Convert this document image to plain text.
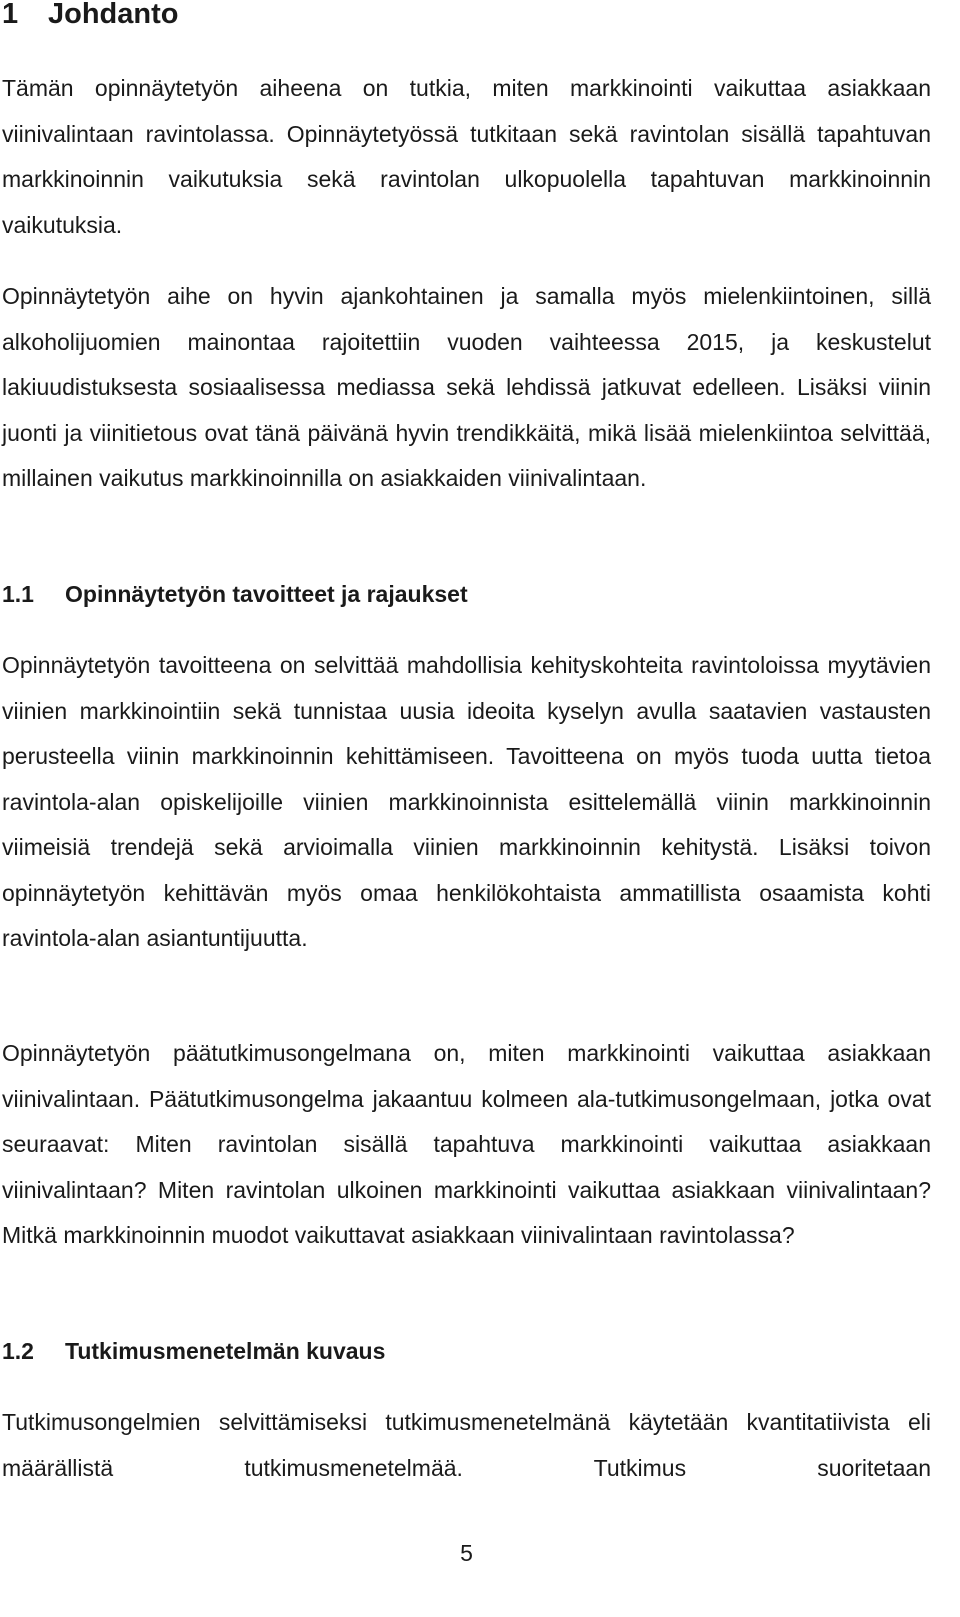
1 Johdanto

Tämän opinnäytetyön aiheena on tutkia, miten markkinointi vaikuttaa asiakkaan viinivalintaan ravintolassa. Opinnäytetyössä tutkitaan sekä ravintolan sisällä tapahtuvan markkinoinnin vaikutuksia sekä ravintolan ulkopuolella tapahtuvan markkinoinnin vaikutuksia.

Opinnäytetyön aihe on hyvin ajankohtainen ja samalla myös mielenkiintoinen, sillä alkoholijuomien mainontaa rajoitettiin vuoden vaihteessa 2015, ja keskustelut lakiuudistuksesta sosiaalisessa mediassa sekä lehdissä jatkuvat edelleen. Lisäksi viinin juonti ja viinitietous ovat tänä päivänä hyvin trendikkäitä, mikä lisää mielenkiintoa selvittää, millainen vaikutus markkinoinnilla on asiakkaiden viinivalintaan.

1.1 Opinnäytetyön tavoitteet ja rajaukset

Opinnäytetyön tavoitteena on selvittää mahdollisia kehityskohteita ravintoloissa myytävien viinien markkinointiin sekä tunnistaa uusia ideoita kyselyn avulla saatavien vastausten perusteella viinin markkinoinnin kehittämiseen. Tavoitteena on myös tuoda uutta tietoa ravintola-alan opiskelijoille viinien markkinoinnista esittelemällä viinin markkinoinnin viimeisiä trendejä sekä arvioimalla viinien markkinoinnin kehitystä. Lisäksi toivon opinnäytetyön kehittävän myös omaa henkilökohtaista ammatillista osaamista kohti ravintola-alan asiantuntijuutta.

Opinnäytetyön päätutkimusongelmana on, miten markkinointi vaikuttaa asiakkaan viinivalintaan. Päätutkimusongelma jakaantuu kolmeen ala-tutkimusongelmaan, jotka ovat seuraavat: Miten ravintolan sisällä tapahtuva markkinointi vaikuttaa asiakkaan viinivalintaan? Miten ravintolan ulkoinen markkinointi vaikuttaa asiakkaan viinivalintaan? Mitkä markkinoinnin muodot vaikuttavat asiakkaan viinivalintaan ravintolassa?

1.2 Tutkimusmenetelmän kuvaus

Tutkimusongelmien selvittämiseksi tutkimusmenetelmänä käytetään kvantitatiivista eli määrällistä tutkimusmenetelmää. Tutkimus suoritetaan

5
